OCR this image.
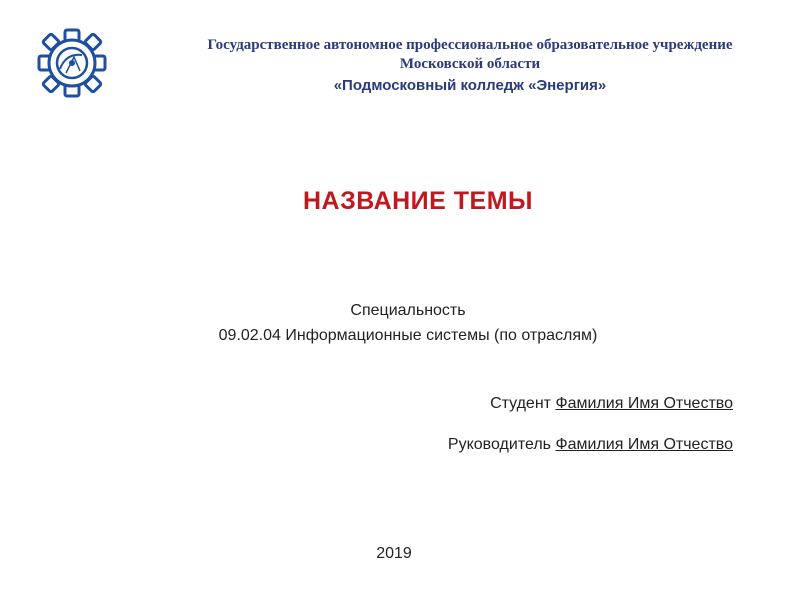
Государственное автономное профессиональное образовательное учреждение
Московской области
«Подмосковный колледж «Энергия»
НАЗВАНИЕ ТЕМЫ
Специальность
09.02.04 Информационные системы (по отраслям)
Студент Фамилия Имя Отчество
Руководитель Фамилия Имя Отчество
2019
